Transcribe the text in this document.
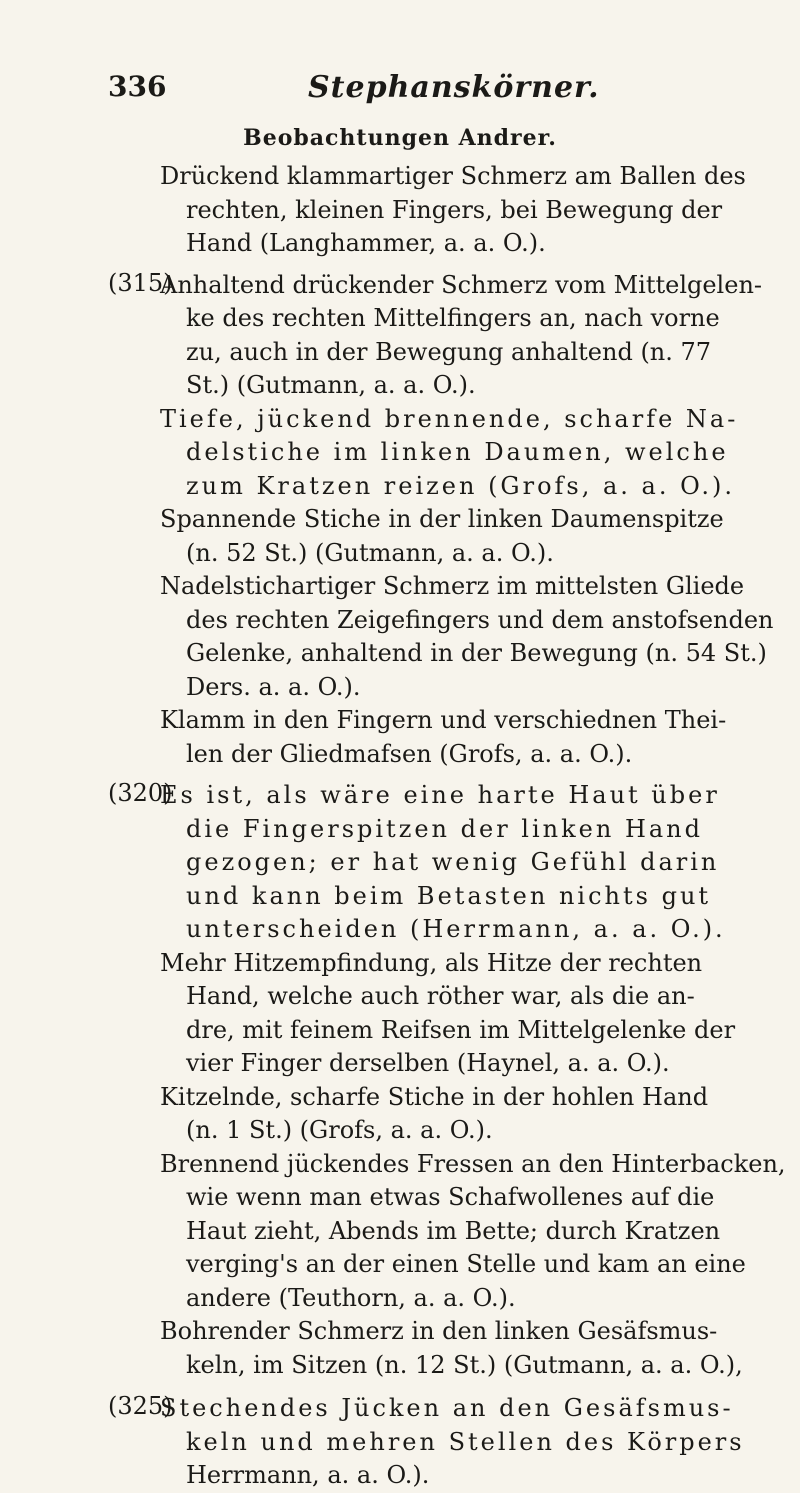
336	Stephanskörner.
Beobachtungen Andrer.
Drückend klammartiger Schmerz am Ballen des
rechten, kleinen Fingers, bei Bewegung der
Hand (Langhammer, a. a. O.).
(315)
Anhaltend drückender Schmerz vom Mittelgelen-
ke des rechten Mittelfingers an, nach vorne
zu, auch in der Bewegung anhaltend (n. 77
St.) (Gutmann, a. a. O.).
Tiefe, jückend brennende, scharfe Na-
delstiche im linken Daumen, welche
zum Kratzen reizen (Grofs, a. a. O.).
Spannende Stiche in der linken Daumenspitze
(n. 52 St.) (Gutmann, a. a. O.).
Nadelstichartiger Schmerz im mittelsten Gliede
des rechten Zeigefingers und dem anstofsenden
Gelenke, anhaltend in der Bewegung (n. 54 St.)
Ders. a. a. O.).
Klamm in den Fingern und verschiednen Thei-
len der Gliedmafsen (Grofs, a. a. O.).
(320)
Es ist, als wäre eine harte Haut über
die Fingerspitzen der linken Hand
gezogen; er hat wenig Gefühl darin
und kann beim Betasten nichts gut
unterscheiden (Herrmann, a. a. O.).
Mehr Hitzempfindung, als Hitze der rechten
Hand, welche auch röther war, als die an-
dre, mit feinem Reifsen im Mittelgelenke der
vier Finger derselben (Haynel, a. a. O.).
Kitzelnde, scharfe Stiche in der hohlen Hand
(n. 1 St.) (Grofs, a. a. O.).
Brennend jückendes Fressen an den Hinterbacken,
wie wenn man etwas Schafwollenes auf die
Haut zieht, Abends im Bette; durch Kratzen
verging's an der einen Stelle und kam an eine
andere (Teuthorn, a. a. O.).
Bohrender Schmerz in den linken Gesäfsmus-
keln, im Sitzen (n. 12 St.) (Gutmann, a. a. O.),
(325)
Stechendes Jücken an den Gesäfsmus-
keln und mehren Stellen des Körpers
Herrmann, a. a. O.).
